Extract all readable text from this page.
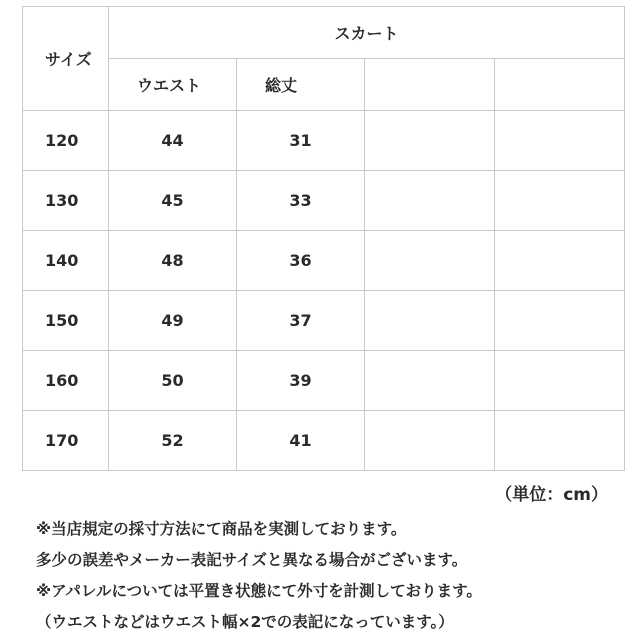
サイズ	スカート			
	ウエスト	総丈		
120	44	31		
130	45	33		
140	48	36		
150	49	37		
160	50	39		
170	52	41		
（単位：cm）
※当店規定の採寸方法にて商品を実測しております。
多少の誤差やメーカー表記サイズと異なる場合がございます。
※アパレルについては平置き状態にて外寸を計測しております。
（ウエストなどはウエスト幅×2での表記になっています。）
